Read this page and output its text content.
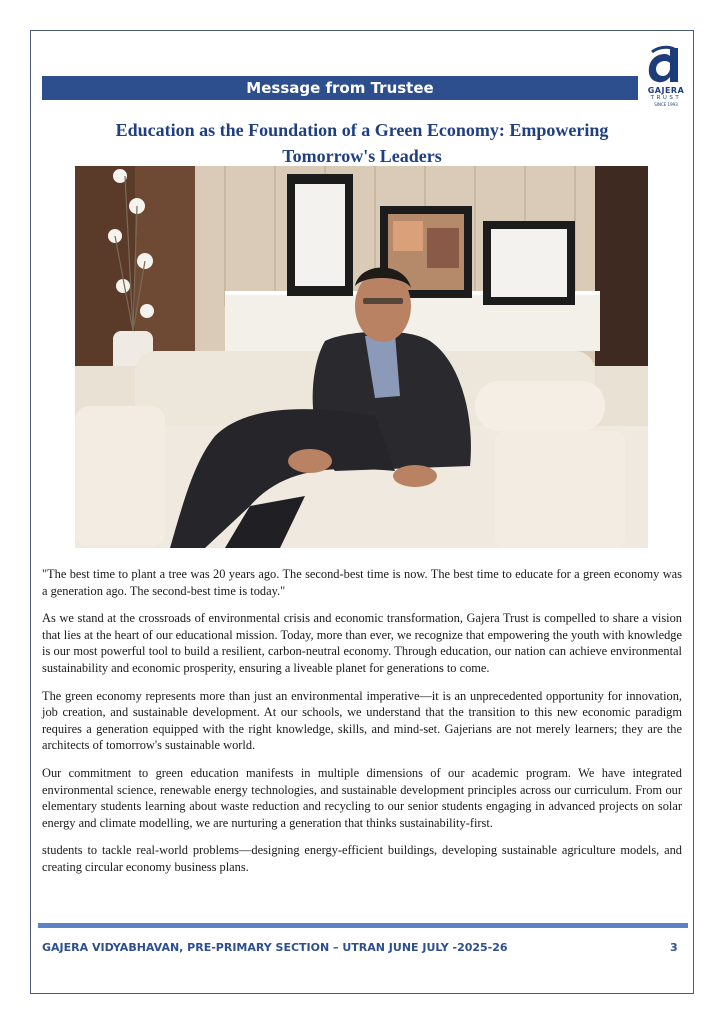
Message from Trustee	GAJERA
TRUST
SINCE 1993
Education as the Foundation of a Green Economy: Empowering Tomorrow's Leaders

"The best time to plant a tree was 20 years ago. The second-best time is now. The best time to educate for a green economy was a generation ago. The second-best time is today."

As we stand at the crossroads of environmental crisis and economic transformation, Gajera Trust is compelled to share a vision that lies at the heart of our educational mission. Today, more than ever, we recognize that empowering the youth with knowledge is our most powerful tool to build a resilient, carbon-neutral economy. Through education, our nation can achieve environmental sustainability and economic prosperity, ensuring a liveable planet for generations to come.

The green economy represents more than just an environmental imperative—it is an unprecedented opportunity for innovation, job creation, and sustainable development. At our schools, we understand that the transition to this new economic paradigm requires a generation equipped with the right knowledge, skills, and mind-set. Gajerians are not merely learners; they are the architects of tomorrow's sustainable world.

Our commitment to green education manifests in multiple dimensions of our academic program. We have integrated environmental science, renewable energy technologies, and sustainable development principles across our curriculum. From our elementary students learning about waste reduction and recycling to our senior students engaging in advanced projects on solar energy and climate modelling, we are nurturing a generation that thinks sustainability-first.

students to tackle real-world problems—designing energy-efficient buildings, developing sustainable agriculture models, and creating circular economy business plans.

GAJERA VIDYABHAVAN, PRE-PRIMARY SECTION – UTRAN JUNE JULY -2025-26	3
